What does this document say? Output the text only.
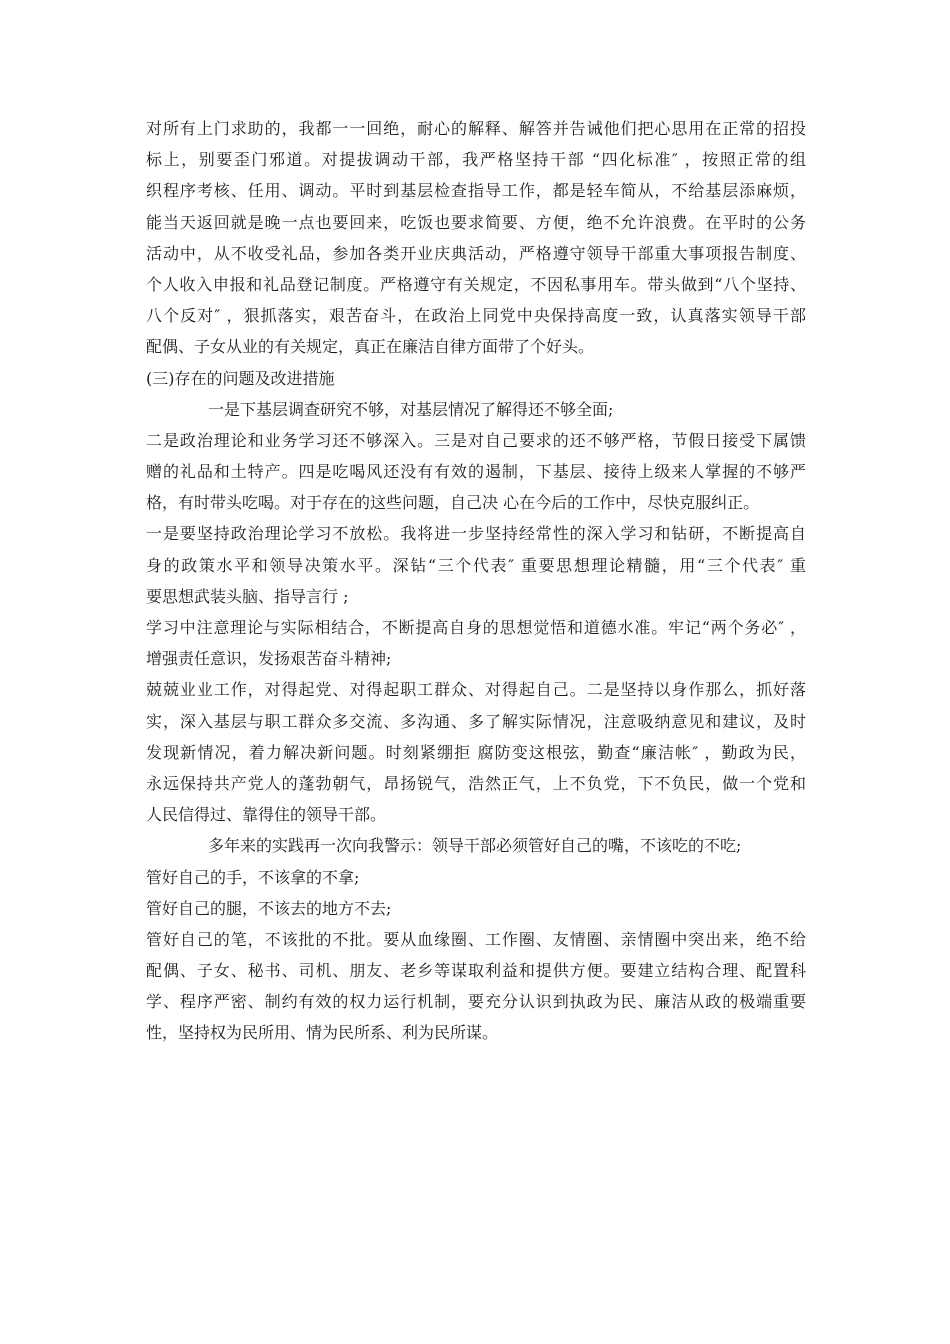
对所有上门求助的，我都一一回绝，耐心的解释、解答并告诫他们把心思用在正常的招投
标上，别要歪门邪道。对提拔调动干部，我严格坚持干部 “四化标准″ ，按照正常的组
织程序考核、任用、调动。平时到基层检查指导工作，都是轻车简从，不给基层添麻烦，
能当天返回就是晚一点也要回来，吃饭也要求简要、方便，绝不允许浪费。在平时的公务
活动中，从不收受礼品，参加各类开业庆典活动，严格遵守领导干部重大事项报告制度、
个人收入申报和礼品登记制度。严格遵守有关规定，不因私事用车。带头做到“八个坚持、
八个反对″ ，狠抓落实，艰苦奋斗，在政治上同党中央保持高度一致，认真落实领导干部
配偶、子女从业的有关规定，真正在廉洁自律方面带了个好头。
(三)存在的问题及改进措施
一是下基层调查研究不够，对基层情况了解得还不够全面;
二是政治理论和业务学习还不够深入。三是对自己要求的还不够严格，节假日接受下属馈
赠的礼品和土特产。四是吃喝风还没有有效的遏制，下基层、接待上级来人掌握的不够严
格，有时带头吃喝。对于存在的这些问题，自己决 心在今后的工作中，尽快克服纠正。
一是要坚持政治理论学习不放松。我将进一步坚持经常性的深入学习和钻研，不断提高自
身的政策水平和领导决策水平。深钻“三个代表″ 重要思想理论精髓，用“三个代表″ 重
要思想武装头脑、指导言行 ;
学习中注意理论与实际相结合，不断提高自身的思想觉悟和道德水准。牢记“两个务必″ ，
增强责任意识，发扬艰苦奋斗精神;
兢兢业业工作，对得起党、对得起职工群众、对得起自己。二是坚持以身作那么，抓好落
实，深入基层与职工群众多交流、多沟通、多了解实际情况，注意吸纳意见和建议，及时
发现新情况，着力解决新问题。时刻紧绷拒 腐防变这根弦，勤查“廉洁帐″ ，勤政为民，
永远保持共产党人的蓬勃朝气，昂扬锐气，浩然正气，上不负党，下不负民，做一个党和
人民信得过、靠得住的领导干部。
多年来的实践再一次向我警示：领导干部必须管好自己的嘴，不该吃的不吃;
管好自己的手，不该拿的不拿;
管好自己的腿，不该去的地方不去;
管好自己的笔，不该批的不批。要从血缘圈、工作圈、友情圈、亲情圈中突出来，绝不给
配偶、子女、秘书、司机、朋友、老乡等谋取利益和提供方便。要建立结构合理、配置科
学、程序严密、制约有效的权力运行机制，要充分认识到执政为民、廉洁从政的极端重要
性，坚持权为民所用、情为民所系、利为民所谋。
